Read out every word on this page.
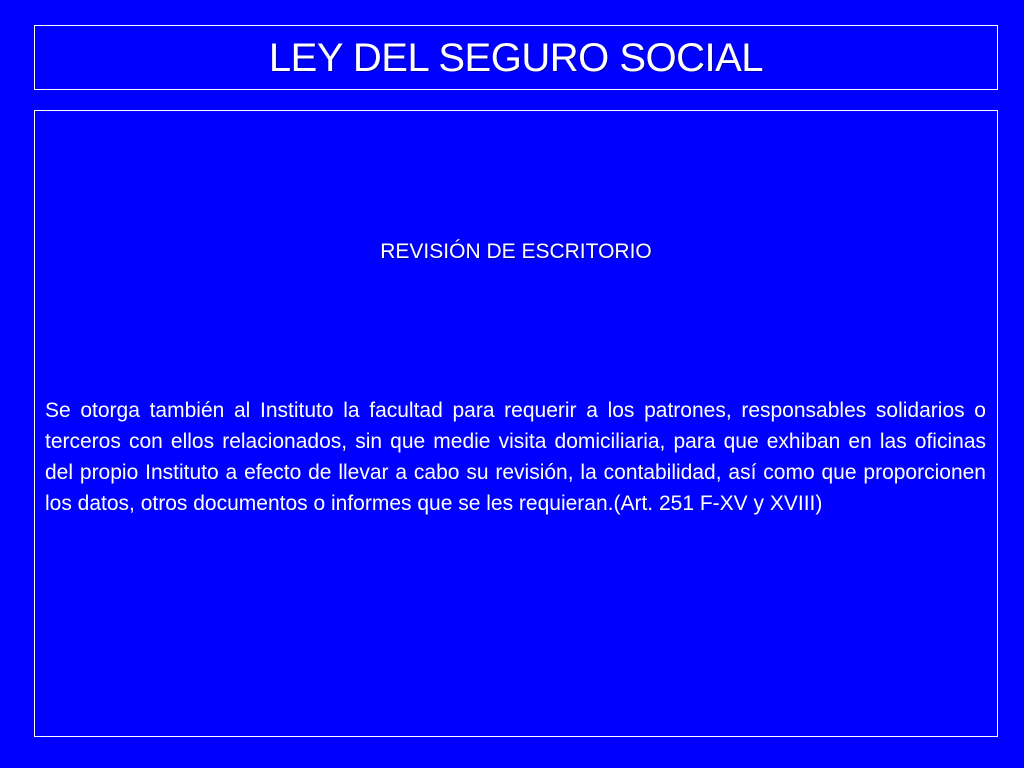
LEY DEL SEGURO SOCIAL
REVISIÓN DE ESCRITORIO

Se otorga también al Instituto la facultad para requerir a los patrones, responsables solidarios o terceros con ellos relacionados, sin que medie visita domiciliaria, para que exhiban en las oficinas del propio Instituto a efecto de llevar a cabo su revisión, la contabilidad, así como que proporcionen los datos, otros documentos o informes que se les requieran.(Art. 251 F-XV y XVIII)
